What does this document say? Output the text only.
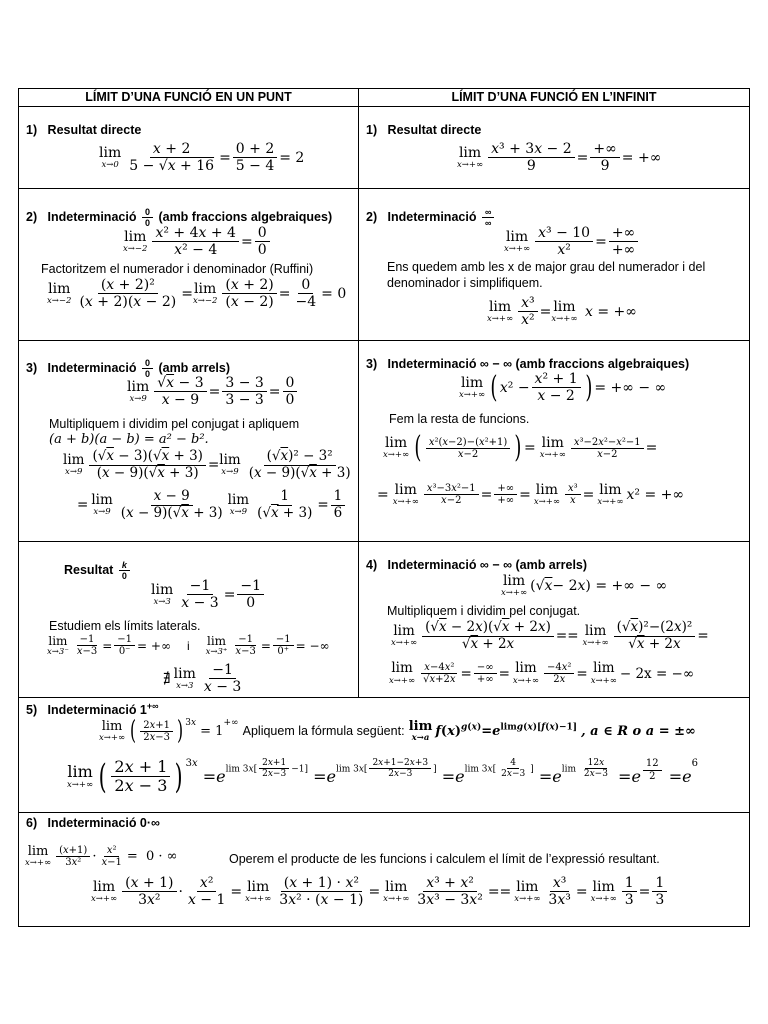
LÍMIT D’UNA FUNCIÓ EN UN PUNT	LÍMIT D’UNA FUNCIÓ EN L’INFINIT
1) Resultat directe
lim
$x\to 0 \frac{x + 2}{5 - √x + 16} = \frac{0 + 2}{5 - 4} = 2$
1) Resultat directe
lim
$x\to+\infty \frac{\text{x³ + 3x − 2}}{9} = \frac{+\infty}{9}$ = +∞
2) Indeterminació $\frac{0}{0} (amb$ fraccions algebraiques)
lim
$x\to-2 \frac{\text{x² + 4x + 4}}{\text{x² − 4}} = \frac{0}{0}$
Factoritzem el numerador i denominador (Ruffini)
lim
$x\to-2 \frac{\text{(x + 2)²}}{(x + 2)(x - 2)} = \lim$
$x\to-2 \frac{(x + 2)}{(x - 2)} = \frac{0}{-4} = 0$
2) Indeterminació $\frac{\infty}{\infty}$
lim
$x\to+\infty \frac{\text{x³ − 10}}{\text{x²}} = \frac{+\infty}{+\infty}$
Ens quedem amb les x de major grau del numerador i del
denominador i simplifiquem.
lim
$x\to+\infty \frac{\text{x³}}{\text{x²}} = \lim$
x→+∞
x = +∞
3) Indeterminació $\frac{0}{0} (amb$ arrels)
lim
$x\to 9 \frac{√x - 3}{x - 9} = \frac{3 - 3}{3 - 3} = \frac{0}{0}$
Multipliquem i dividim pel conjugat i apliquem
(a + b)(a − b) = a² − b².
lim
$x\to 9 \frac{(√x - 3)(√x + 3)}{(x - 9)(√x + 3)} = \lim$
$x\to 9 \frac{\text{(√x)² − 3²}}{(x - 9)(√x + 3)}$
= lim
$x\to 9 \frac{x - 9}{(x - 9)(√x + 3)}$ lim
$x\to 9 \frac{1}{(√x + 3)} = \frac{1}{6}$
3) Indeterminació ∞ − ∞ (amb fraccions algebraiques)
lim
x→+∞ ( x $^2 - \frac{\text{x² + 1}}{x - 2}$ ) = +∞ − ∞
Fem la resta de funcions.
lim
x→+∞ ( $\frac{\text{x²(x−2)−(x²+1)}}{x-2}$ ) = lim
$x\to+\infty \frac{\text{x³−2x²−x²−1}}{x-2}$ =
= lim
$x\to+\infty \frac{\text{x³−3x²−1}}{x-2} = \frac{+\infty}{+\infty} = \lim$
$x\to+\infty \frac{\text{x³}}{x} = \lim$
x→+∞ x ² = +∞
Resultat $\frac{k}{0}$
lim
$x\to 3 \frac{-1}{x - 3} = \frac{-1}{0}$
Estudiem els límits laterals.
lim
$x\to 3^- \frac{-1}{x-3} = \frac{-1}{0^-}$ = +∞ i lim
$x\to 3^+ \frac{-1}{x-3} = \frac{-1}{0^+}$ = −∞
∄ lim
$x\to 3 \frac{-1}{x - 3}$
4) Indeterminació ∞ − ∞ (amb arrels)
lim
x→+∞ (√ x − 2 x ) = +∞ − ∞
Multipliquem i dividim pel conjugat.
lim
$x\to+\infty \frac{(√x - 2x)(√x + 2x)}{√x + 2x} == \lim$
$x\to+\infty \frac{\text{(√x)²−(2x)²}}{√x + 2x}$ =
lim
$x\to+\infty \frac{\text{x−4x²}}{√x+2x} = \frac{-\infty}{+\infty} = \lim$
$x\to+\infty \frac{\text{−4x²}}{2x} = \lim$
x→+∞ − 2x = −∞
5) Indeterminació 1+∞
lim
x→+∞ ( $\frac{2x+1}{2x-3} )^{3x}$
= 1
+∞

Apliquem la fórmula següent:
lim
x→a $f(x)^{g(x)}=e^{limg(x)[f(x)-1]}$ , a ∈ R o a = ±∞
lim
x→+∞ ( $\frac{2x + 1}{2x - 3}$ ) $^{3x}$
= $e^{lim 3x[ \frac{2x+1}{2x-3}-1]} = e^{lim 3x[ \frac{2x+1-2x+3}{2x-3}]} = e^{lim 3x[ \frac{4}{2x-3}]} = e^{lim \frac{12x}{2x-3}} = e$ $^{\frac{12}{2}}$ = e
$^6$
6) Indeterminació 0·∞
lim
$x\to+\infty \frac{(x+1)}{\text{3x²}} \cdot \frac{\text{x²}}{x-1} = 0$ · ∞	Operem el producte de les funcions i calculem el límit de l’expressió resultant.
lim
$x\to+\infty \frac{(x + 1)}{\text{3x²}} \cdot \frac{\text{x²}}{x - 1} = \lim$
$x\to+\infty \frac{\text{(x + 1) · x²}}{\text{3x² · (x − 1)}} = \lim$
$x\to+\infty \frac{\text{x³ + x²}}{\text{3x³ − 3x²}} == \lim$
$x\to+\infty \frac{\text{x³}}{\text{3x³}} = \lim$
$x\to+\infty \frac{1}{3} = \frac{1}{3}$
